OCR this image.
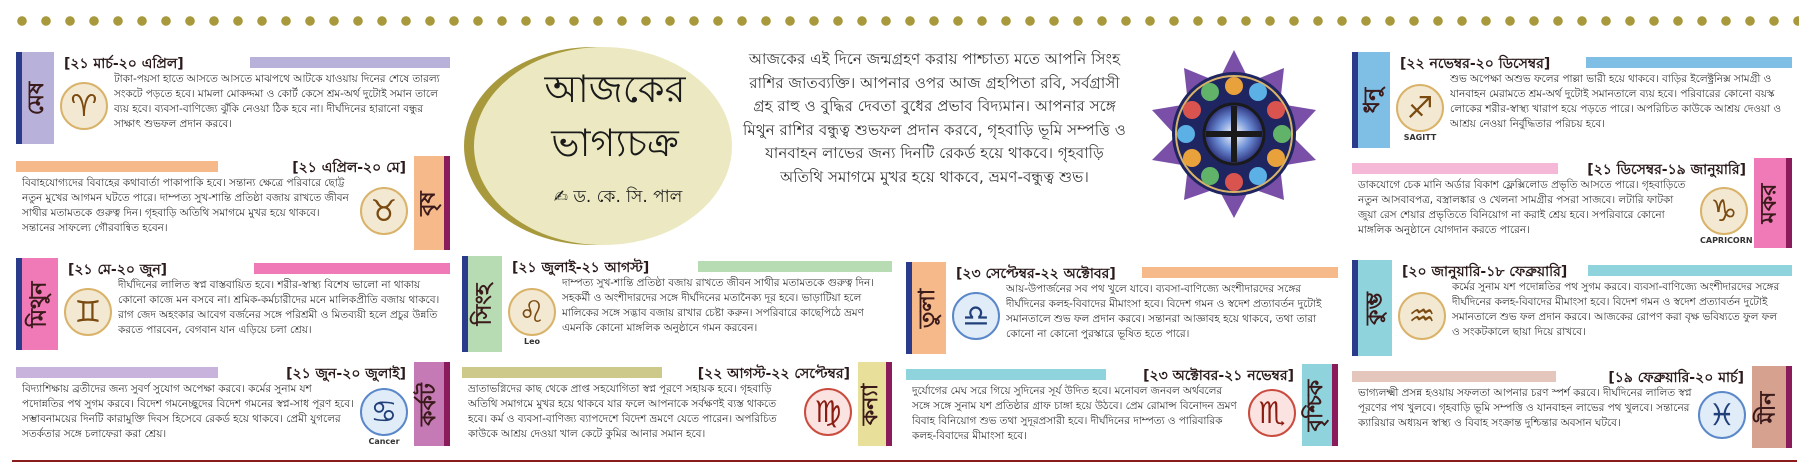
আজকের
ভাগ্যচক্র
✍ ড. কে. সি. পাল
আজকের এই দিনে জন্মগ্রহণ করায় পাশ্চাত্য মতে আপনি সিংহ রাশির জাতব্যক্তি। আপনার ওপর আজ গ্রহপিতা রবি, সর্বগ্রাসী গ্রহ রাহু ও বুদ্ধির দেবতা বুধের প্রভাব বিদ্যমান। আপনার সঙ্গে মিথুন রাশির বন্ধুত্ব শুভফল প্রদান করবে, গৃহবাড়ি ভূমি সম্পত্তি ও যানবাহন লাভের জন্য দিনটি রেকর্ড হয়ে থাকবে। গৃহবাড়ি অতিথি সমাগমে মুখর হয়ে থাকবে, ভ্রমণ-বন্ধুত্ব শুভ।
মেষ
[২১ মার্চ-২০ এপ্রিল]
♈
টাকা-পয়সা হাতে আসতে আসতে মাঝপথে আটকে যাওয়ায় দিনের শেষে তারল্য সংকটে পড়তে হবে। মামলা মোকদ্দমা ও কোর্ট কেসে শ্রম-অর্থ দুটোই সমান তালে ব্যয় হবে। ব্যবসা-বাণিজ্যে ঝুঁকি নেওয়া ঠিক হবে না। দীর্ঘদিনের হারানো বন্ধুর সাক্ষাৎ শুভফল প্রদান করবে।
বৃষ
[২১ এপ্রিল-২০ মে]
♉
বিবাহযোগ্যদের বিবাহের কথাবার্তা পাকাপাকি হবে। সন্তান্য ক্ষেত্রে পরিবারে ছোট্ট নতুন মুখের আগমন ঘটতে পারে। দাম্পত্য সুখ-শান্তি প্রতিষ্ঠা বজায় রাখতে জীবন সাথীর মতামতকে গুরুত্ব দিন। গৃহবাড়ি অতিথি সমাগমে মুখর হয়ে থাকবে। সন্তানের সাফল্যে গৌরবান্বিত হবেন।
মিথুন
[২১ মে-২০ জুন]
♊
দীর্ঘদিনের লালিত স্বপ্ন বাস্তবায়িত হবে। শরীর-স্বাস্থ্য বিশেষ ভালো না থাকায় কোনো কাজে মন বসবে না। শ্রমিক-কর্মচারীদের মনে মালিকপ্রীতি বজায় থাকবে। রাগ জেদ অহংকার আবেগ বর্জনের সঙ্গে পরিশ্রমী ও মিতব্যয়ী হলে প্রচুর উন্নতি করতে পারবেন, বেগবান যান এড়িয়ে চলা শ্রেয়।
কর্কট
[২১ জুন-২০ জুলাই]
♋
Cancer
বিদ্যাশিক্ষায় ব্রতীদের জন্য সুবর্ণ সুযোগ অপেক্ষা করবে। কর্মের সুনাম যশ পদোন্নতির পথ সুগম করবে। বিদেশ গমনেচ্ছুদের বিদেশ গমনের স্বপ্ন-সাধ পূরণ হবে। সম্ভাবনাময়ের দিনটি কারামুক্তি দিবস হিসেবে রেকর্ড হয়ে থাকবে। প্রেমী যুগলের সতর্কতার সঙ্গে চলাফেরা করা শ্রেয়।
সিংহ
[২১ জুলাই-২১ আগস্ট]
♌
Leo
দাম্পত্য সুখ-শান্তি প্রতিষ্ঠা বজায় রাখতে জীবন সাথীর মতামতকে গুরুত্ব দিন। সহকর্মী ও অংশীদারদের সঙ্গে দীর্ঘদিনের মতানৈক্য দূর হবে। ভাড়াটিয়া হলে মালিকের সঙ্গে সদ্ভাব বজায় রাখার চেষ্টা করুন। সপরিবারে কাছেপিঠে ভ্রমণ এমনকি কোনো মাঙ্গলিক অনুষ্ঠানে গমন করবেন।
কন্যা
[২২ আগস্ট-২২ সেপ্টেম্বর]
♍
ভ্রাতাভগ্নিদের কাছ থেকে প্রাপ্ত সহযোগিতা স্বপ্ন পূরণে সহায়ক হবে। গৃহবাড়ি অতিথি সমাগমে মুখর হয়ে থাকবে যার ফলে আপনাকে সর্বক্ষণই ব্যস্ত থাকতে হবে। কর্ম ও ব্যবসা-বাণিজ্য ব্যাপদেশে বিদেশ ভ্রমণে যেতে পারেন। অপরিচিত কাউকে আশ্রয় দেওয়া খাল কেটে কুমির আনার সমান হবে।
তুলা
[২৩ সেপ্টেম্বর-২২ অক্টোবর]
♎
আয়-উপার্জনের সব পথ খুলে যাবে। ব্যবসা-বাণিজ্যে অংশীদারদের সঙ্গের দীর্ঘদিনের কলহ-বিবাদের মীমাংসা হবে। বিদেশ গমন ও স্বদেশ প্রত্যাবর্তন দুটোই সমানতালে শুভ ফল প্রদান করবে। সন্তানরা আজ্ঞাবহ হয়ে থাকবে, তথা তারা কোনো না কোনো পুরস্কারে ভূষিত হতে পারে।
বৃশ্চিক
[২৩ অক্টোবর-২১ নভেম্বর]
♏
দুর্যোগের মেঘ সরে গিয়ে সুদিনের সূর্য উদিত হবে। মনোবল জনবল অর্থবলের সঙ্গে সঙ্গে সুনাম যশ প্রতিষ্ঠার গ্রাফ চাঙ্গা হয়ে উঠবে। প্রেম রোমান্স বিনোদন ভ্রমণ বিবাহ বিনিয়োগ শুভ তথা সুদূরপ্রসারী হবে। দীর্ঘদিনের দাম্পত্য ও পারিবারিক কলহ-বিবাদের মীমাংসা হবে।
ধনু
[২২ নভেম্বর-২০ ডিসেম্বর]
♐
SAGITT
শুভ অপেক্ষা অশুভ ফলের পাল্লা ভারী হয়ে থাকবে। বাড়ির ইলেক্ট্রনিক্স সামগ্রী ও যানবাহন মেরামতে শ্রম-অর্থ দুটোই সমানতালে ব্যয় হবে। পরিবারের কোনো বয়স্ক লোকের শরীর-স্বাস্থ্য খারাপ হয়ে পড়তে পারে। অপরিচিত কাউকে আশ্রয় দেওয়া ও আশ্রয় নেওয়া নির্বুদ্ধিতার পরিচয় হবে।
মকর
[২১ ডিসেম্বর-১৯ জানুয়ারি]
♑
CAPRICORN
ডাকযোগে চেক মানি অর্ডার বিকাশ ফ্লেক্সিলোড প্রভৃতি আসতে পারে। গৃহবাড়িতে নতুন আসবাবপত্র, বস্ত্রালঙ্কার ও খেলনা সামগ্রীর পসরা সাজবে। লটারি ফাটকা জুয়া রেস শেয়ার প্রভৃতিতে বিনিয়োগ না করাই শ্রেয় হবে। সপরিবারে কোনো মাঙ্গলিক অনুষ্ঠানে যোগদান করতে পারেন।
কুম্ভ
[২০ জানুয়ারি-১৮ ফেব্রুয়ারি]
♒
কর্মের সুনাম যশ পদোন্নতির পথ সুগম করবে। ব্যবসা-বাণিজ্যে অংশীদারদের সঙ্গের দীর্ঘদিনের কলহ-বিবাদের মীমাংসা হবে। বিদেশ গমন ও স্বদেশ প্রত্যাবর্তন দুটোই সমানতালে শুভ ফল প্রদান করবে। আজকের রোপণ করা বৃক্ষ ভবিষ্যতে ফুল ফল ও সংকটকালে ছায়া দিয়ে রাখবে।
মীন
[১৯ ফেব্রুয়ারি-২০ মার্চ]
♓
ভাগ্যলক্ষ্মী প্রসন্ন হওয়ায় সফলতা আপনার চরণ স্পর্শ করবে। দীর্ঘদিনের লালিত স্বপ্ন পূরণের পথ খুলবে। গৃহবাড়ি ভূমি সম্পত্তি ও যানবাহন লাভের পথ খুলবে। সন্তানের ক্যারিয়ার অধ্যয়ন স্বাস্থ্য ও বিবাহ সংক্রান্ত দুশ্চিন্তার অবসান ঘটবে।
